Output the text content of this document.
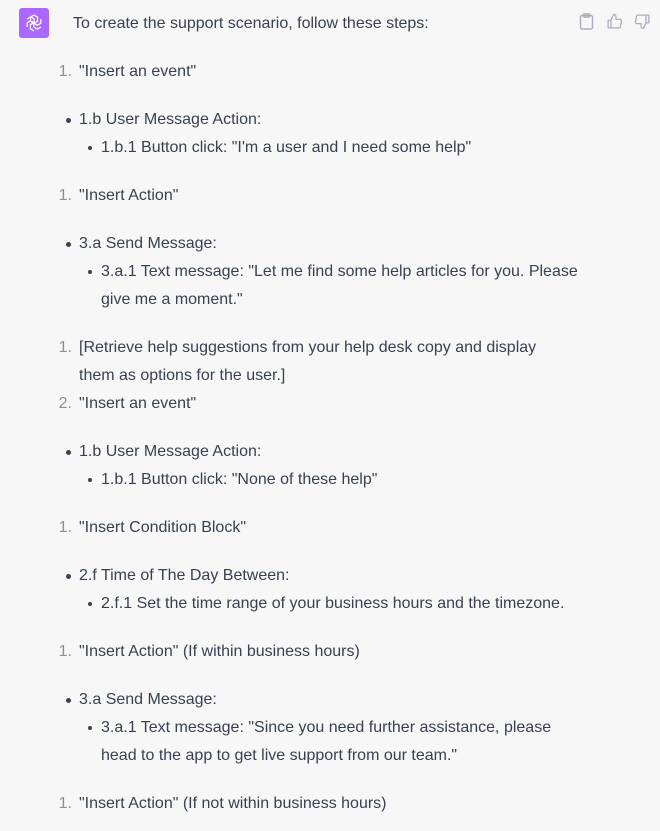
To create the support scenario, follow these steps:
1. "Insert an event"
1.b User Message Action:
1.b.1 Button click: "I'm a user and I need some help"
1. "Insert Action"
3.a Send Message:
3.a.1 Text message: "Let me find some help articles for you. Please
give me a moment."
1. [Retrieve help suggestions from your help desk copy and display
them as options for the user.]
2. "Insert an event"
1.b User Message Action:
1.b.1 Button click: "None of these help"
1. "Insert Condition Block"
2.f Time of The Day Between:
2.f.1 Set the time range of your business hours and the timezone.
1. "Insert Action" (If within business hours)
3.a Send Message:
3.a.1 Text message: "Since you need further assistance, please
head to the app to get live support from our team."
1. "Insert Action" (If not within business hours)
